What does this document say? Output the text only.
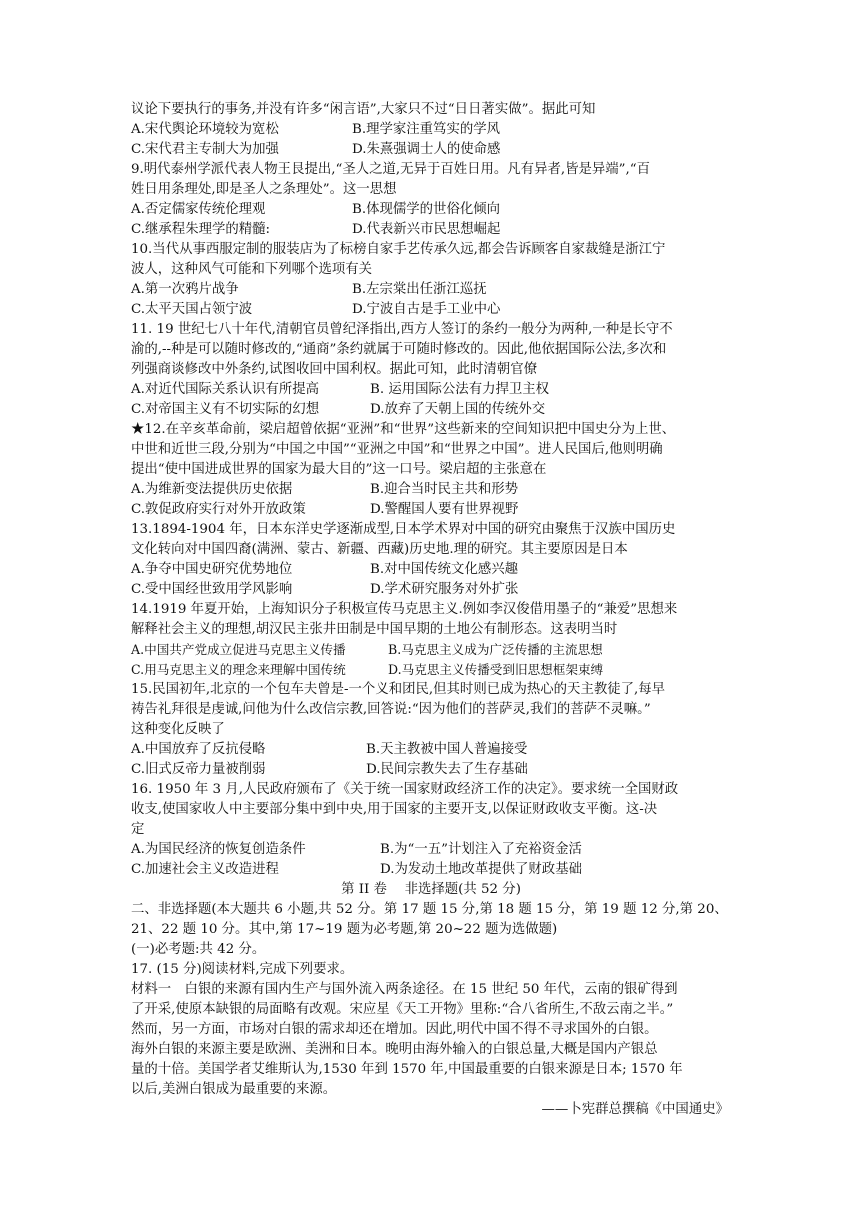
议论下要执行的事务,并没有许多“闲言语”,大家只不过“日日著实做”。据此可知
A.宋代舆论环境较为宽松	B.理学家注重笃实的学风
C.宋代君主专制大为加强	D.朱熹强调士人的使命感
9.明代泰州学派代表人物王艮提出,“圣人之道,无异于百姓日用。凡有异者,皆是异端”,“百
姓日用条理处,即是圣人之条理处”。这一思想
A.否定儒家传统伦理观	B.体现儒学的世俗化倾向
C.继承程朱理学的精髓:	D.代表新兴市民思想崛起
10.当代从事西服定制的服装店为了标榜自家手艺传承久远,都会告诉顾客自家裁缝是浙江宁
波人，这种风气可能和下列哪个选项有关
A.第一次鸦片战争	B.左宗棠出任浙江巡抚
C.太平天国占领宁波	D.宁波自古是手工业中心
11. 19 世纪七八十年代,清朝官员曾纪泽指出,西方人签订的条约一般分为两种,一种是长守不
渝的,--种是可以随时修改的,“通商”条约就属于可随时修改的。因此,他依据国际公法,多次和
列强商谈修改中外条约,试图收回中国利权。据此可知，此时清朝官僚
A.对近代国际关系认识有所提高	B. 运用国际公法有力捍卫主权
C.对帝国主义有不切实际的幻想	D.放弃了天朝上国的传统外交
★12.在辛亥革命前，梁启超曾依据“亚洲”和“世界”这些新来的空间知识把中国史分为上世、
中世和近世三段,分别为“中国之中国”“亚洲之中国”和“世界之中国”。进人民国后,他则明确
提出“使中国进成世界的国家为最大目的”这一口号。梁启超的主张意在
A.为维新变法提供历史依据	B.迎合当时民主共和形势
C.敦促政府实行对外开放政策	D.警醒国人要有世界视野
13.1894-1904 年，日本东洋史学逐渐成型,日本学术界对中国的研究由聚焦于汉族中国历史
文化转向对中国四裔(满洲、蒙古、新疆、西藏)历史地.理的研究。其主要原因是日本
A.争夺中国史研究优势地位	B.对中国传统文化感兴趣
C.受中国经世致用学风影响	D.学术研究服务对外扩张
14.1919 年夏开始，上海知识分子积极宣传马克思主义.例如李汉俊借用墨子的“兼爱”思想来
解释社会主义的理想,胡汉民主张井田制是中国早期的土地公有制形态。这表明当时
A.中国共产党成立促进马克思主义传播	B.马克思主义成为广泛传播的主流思想
C.用马克思主义的理念来理解中国传统	D.马克思主义传播受到旧思想框架束缚
15.民国初年,北京的一个包车夫曾是-一个义和团民,但其时则已成为热心的天主教徒了,每早
祷告礼拜很是虔诚,问他为什么改信宗教,回答说:“因为他们的菩萨灵,我们的菩萨不灵嘛。”
这种变化反映了
A.中国放弃了反抗侵略	B.天主教被中国人普遍接受
C.旧式反帝力量被削弱	D.民间宗教失去了生存基础
16. 1950 年 3 月,人民政府颁布了《关于统一国家财政经济工作的决定》。要求统一全国财政
收支,使国家收人中主要部分集中到中央,用于国家的主要开支,以保证财政收支平衡。这-决
定
A.为国民经济的恢复创造条件	B.为“一五”计划注入了充裕资金活
C.加速社会主义改造进程	D.为发动土地改革提供了财政基础
第 II 卷　 非选择题(共 52 分)
二、非选择题(本大题共 6 小题,共 52 分。第 17 题 15 分,第 18 题 15 分，第 19 题 12 分,第 20、
21、22 题 10 分。其中,第 17~19 题为必考题,第 20~22 题为选做题)
(一)必考题:共 42 分。
17. (15 分)阅读材料,完成下列要求。
材料一　白银的来源有国内生产与国外流入两条途径。在 15 世纪 50 年代，云南的银矿得到
了开采,使原本缺银的局面略有改观。宋应星《天工开物》里称:“合八省所生,不敌云南之半。”
然而，另一方面，市场对白银的需求却还在增加。因此,明代中国不得不寻求国外的白银。
海外白银的来源主要是欧洲、美洲和日本。晚明由海外输入的白银总量,大概是国内产银总
量的十倍。美国学者艾维斯认为,1530 年到 1570 年,中国最重要的白银来源是日本; 1570 年
以后,美洲白银成为最重要的来源。
——卜宪群总撰稿《中国通史》
